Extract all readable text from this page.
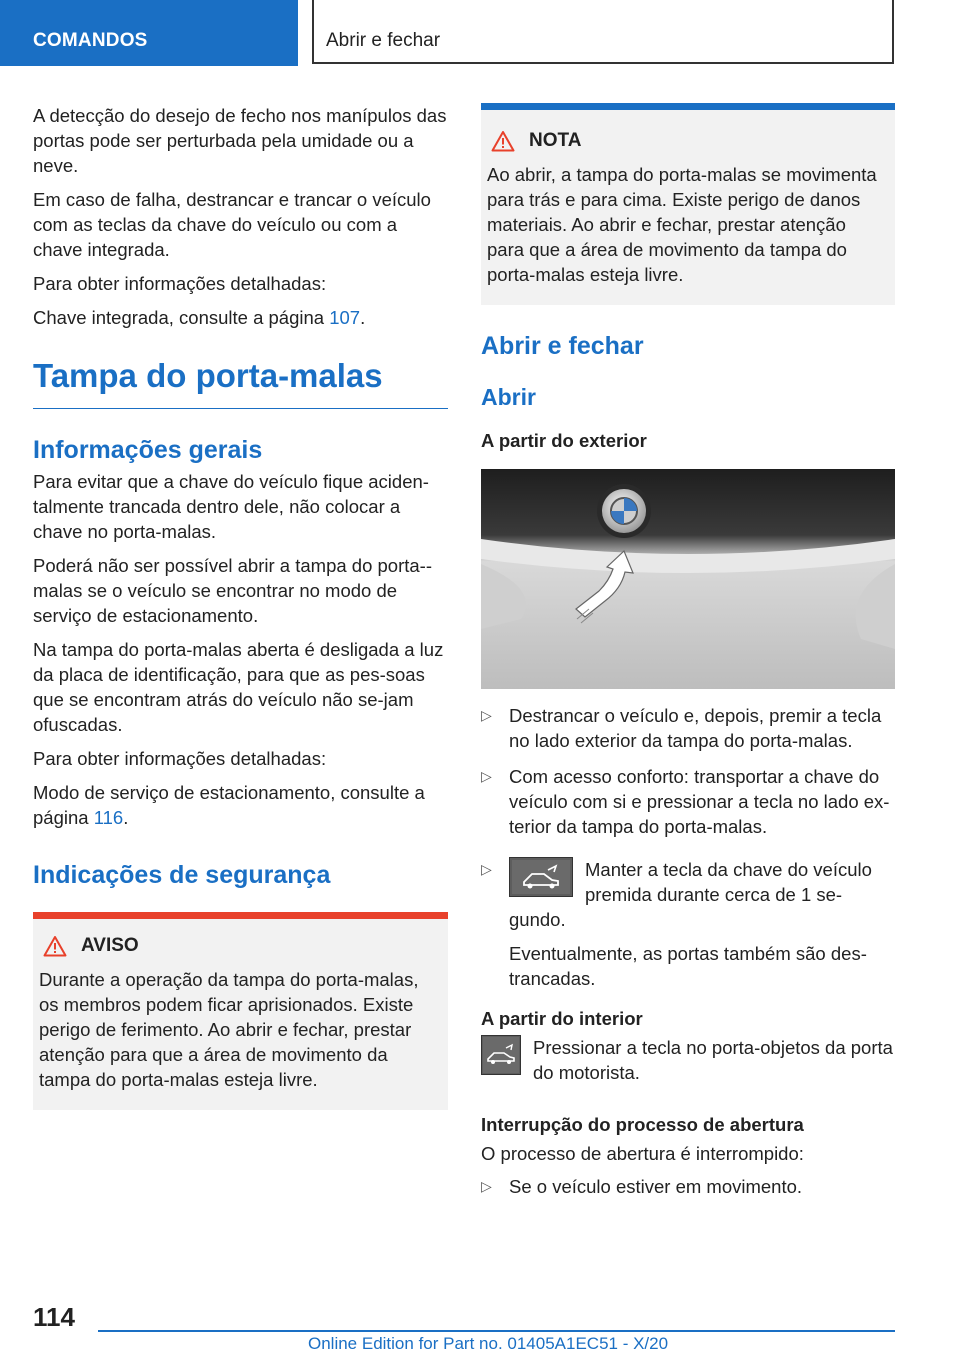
COMANDOS	Abrir e fechar

A detecção do desejo de fecho nos manípulos das portas pode ser perturbada pela umidade ou a neve.

Em caso de falha, destrancar e trancar o veículo com as teclas da chave do veículo ou com a chave integrada.

Para obter informações detalhadas:

Chave integrada, consulte a página 107.

Tampa do porta-malas
Informações gerais

Para evitar que a chave do veículo fique aciden-talmente trancada dentro dele, não colocar a chave no porta-malas.

Poderá não ser possível abrir a tampa do porta--malas se o veículo se encontrar no modo de serviço de estacionamento.

Na tampa do porta-malas aberta é desligada a luz da placa de identificação, para que as pes-soas que se encontram atrás do veículo não se-jam ofuscadas.

Para obter informações detalhadas:

Modo de serviço de estacionamento, consulte a página 116.

Indicações de segurança
AVISO

Durante a operação da tampa do porta-malas, os membros podem ficar aprisionados. Existe perigo de ferimento. Ao abrir e fechar, prestar atenção para que a área de movimento da tampa do porta-malas esteja livre.

NOTA

Ao abrir, a tampa do porta-malas se movimenta para trás e para cima. Existe perigo de danos materiais. Ao abrir e fechar, prestar atenção para que a área de movimento da tampa do porta-malas esteja livre.

Abrir e fechar
Abrir
A partir do exterior
▷ Destrancar o veículo e, depois, premir a tecla no lado exterior da tampa do porta-malas.

▷ Com acesso conforto: transportar a chave do veículo com si e pressionar a tecla no lado ex-terior da tampa do porta-malas.

▷	Manter a tecla da chave do veículo premida durante cerca de 1 se-

gundo.

Eventualmente, as portas também são des-trancadas.

A partir do interior

Pressionar a tecla no porta-objetos da porta do motorista.

Interrupção do processo de abertura

O processo de abertura é interrompido:

▷ Se o veículo estiver em movimento.

114
Online Edition for Part no. 01405A1EC51 - X/20
